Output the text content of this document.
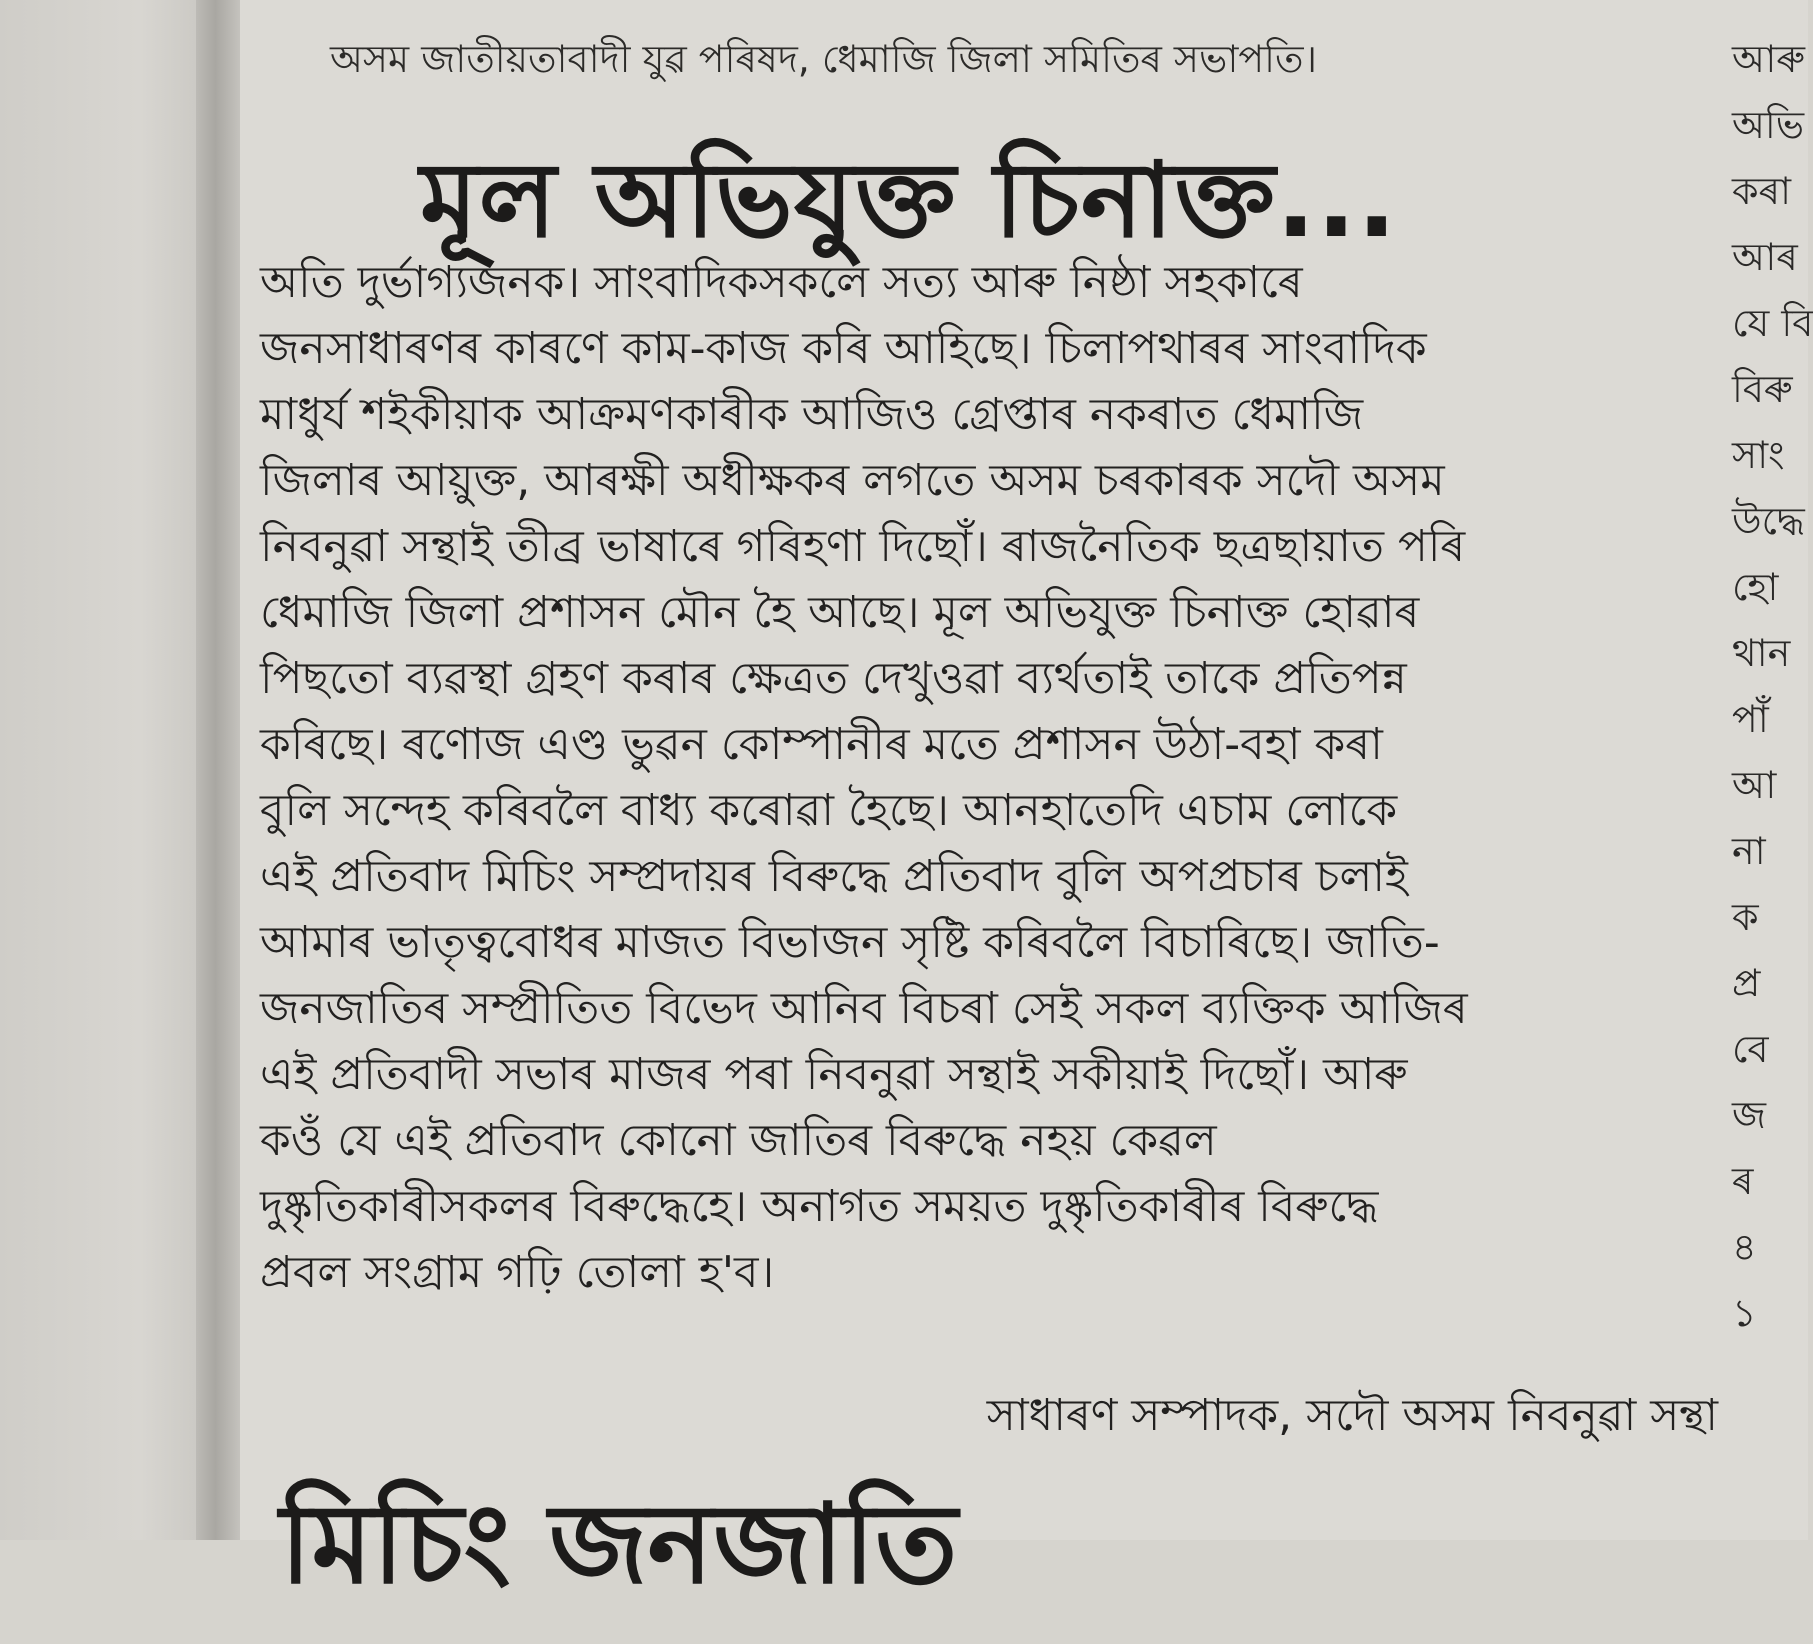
অসম জাতীয়তাবাদী যুৱ পৰিষদ, ধেমাজি জিলা সমিতিৰ সভাপতি।
মূল অভিযুক্ত চিনাক্ত...
অতি দুৰ্ভাগ্যজনক। সাংবাদিকসকলে সত্য আৰু নিষ্ঠা সহকাৰে
জনসাধাৰণৰ কাৰণে কাম-কাজ কৰি আহিছে। চিলাপথাৰৰ সাংবাদিক
মাধুৰ্য শইকীয়াক আক্ৰমণকাৰীক আজিও গ্ৰেপ্তাৰ নকৰাত ধেমাজি
জিলাৰ আয়ুক্ত, আৰক্ষী অধীক্ষকৰ লগতে অসম চৰকাৰক সদৌ অসম
নিবনুৱা সন্থাই তীব্ৰ ভাষাৰে গৰিহণা দিছোঁ। ৰাজনৈতিক ছত্ৰছায়াত পৰি
ধেমাজি জিলা প্ৰশাসন মৌন হৈ আছে। মূল অভিযুক্ত চিনাক্ত হোৱাৰ
পিছতো ব্যৱস্থা গ্ৰহণ কৰাৰ ক্ষেত্ৰত দেখুওৱা ব্যৰ্থতাই তাকে প্ৰতিপন্ন
কৰিছে। ৰণোজ এণ্ড ভুৱন কোম্পানীৰ মতে প্ৰশাসন উঠা-বহা কৰা
বুলি সন্দেহ কৰিবলৈ বাধ্য কৰোৱা হৈছে। আনহাতেদি এচাম লোকে
এই প্ৰতিবাদ মিচিং সম্প্ৰদায়ৰ বিৰুদ্ধে প্ৰতিবাদ বুলি অপপ্ৰচাৰ চলাই
আমাৰ ভাতৃত্ববোধৰ মাজত বিভাজন সৃষ্টি কৰিবলৈ বিচাৰিছে। জাতি-
জনজাতিৰ সম্প্ৰীতিত বিভেদ আনিব বিচৰা সেই সকল ব্যক্তিক আজিৰ
এই প্ৰতিবাদী সভাৰ মাজৰ পৰা নিবনুৱা সন্থাই সকীয়াই দিছোঁ। আৰু
কওঁ যে এই প্ৰতিবাদ কোনো জাতিৰ বিৰুদ্ধে নহয় কেৱল
দুষ্কৃতিকাৰীসকলৰ বিৰুদ্ধেহে। অনাগত সময়ত দুষ্কৃতিকাৰীৰ বিৰুদ্ধে
প্ৰবল সংগ্ৰাম গঢ়ি তোলা হ'ব।
সাধাৰণ সম্পাদক, সদৌ অসম নিবনুৱা সন্থা
মিচিং জনজাতি
আৰু
অভি
কৰা
আৰ
যে বি
বিৰু
সাং
উদ্ধে
হো
থান
পাঁ
আ
না
ক
প্ৰ
বে
জ
ৰ
৪
১
